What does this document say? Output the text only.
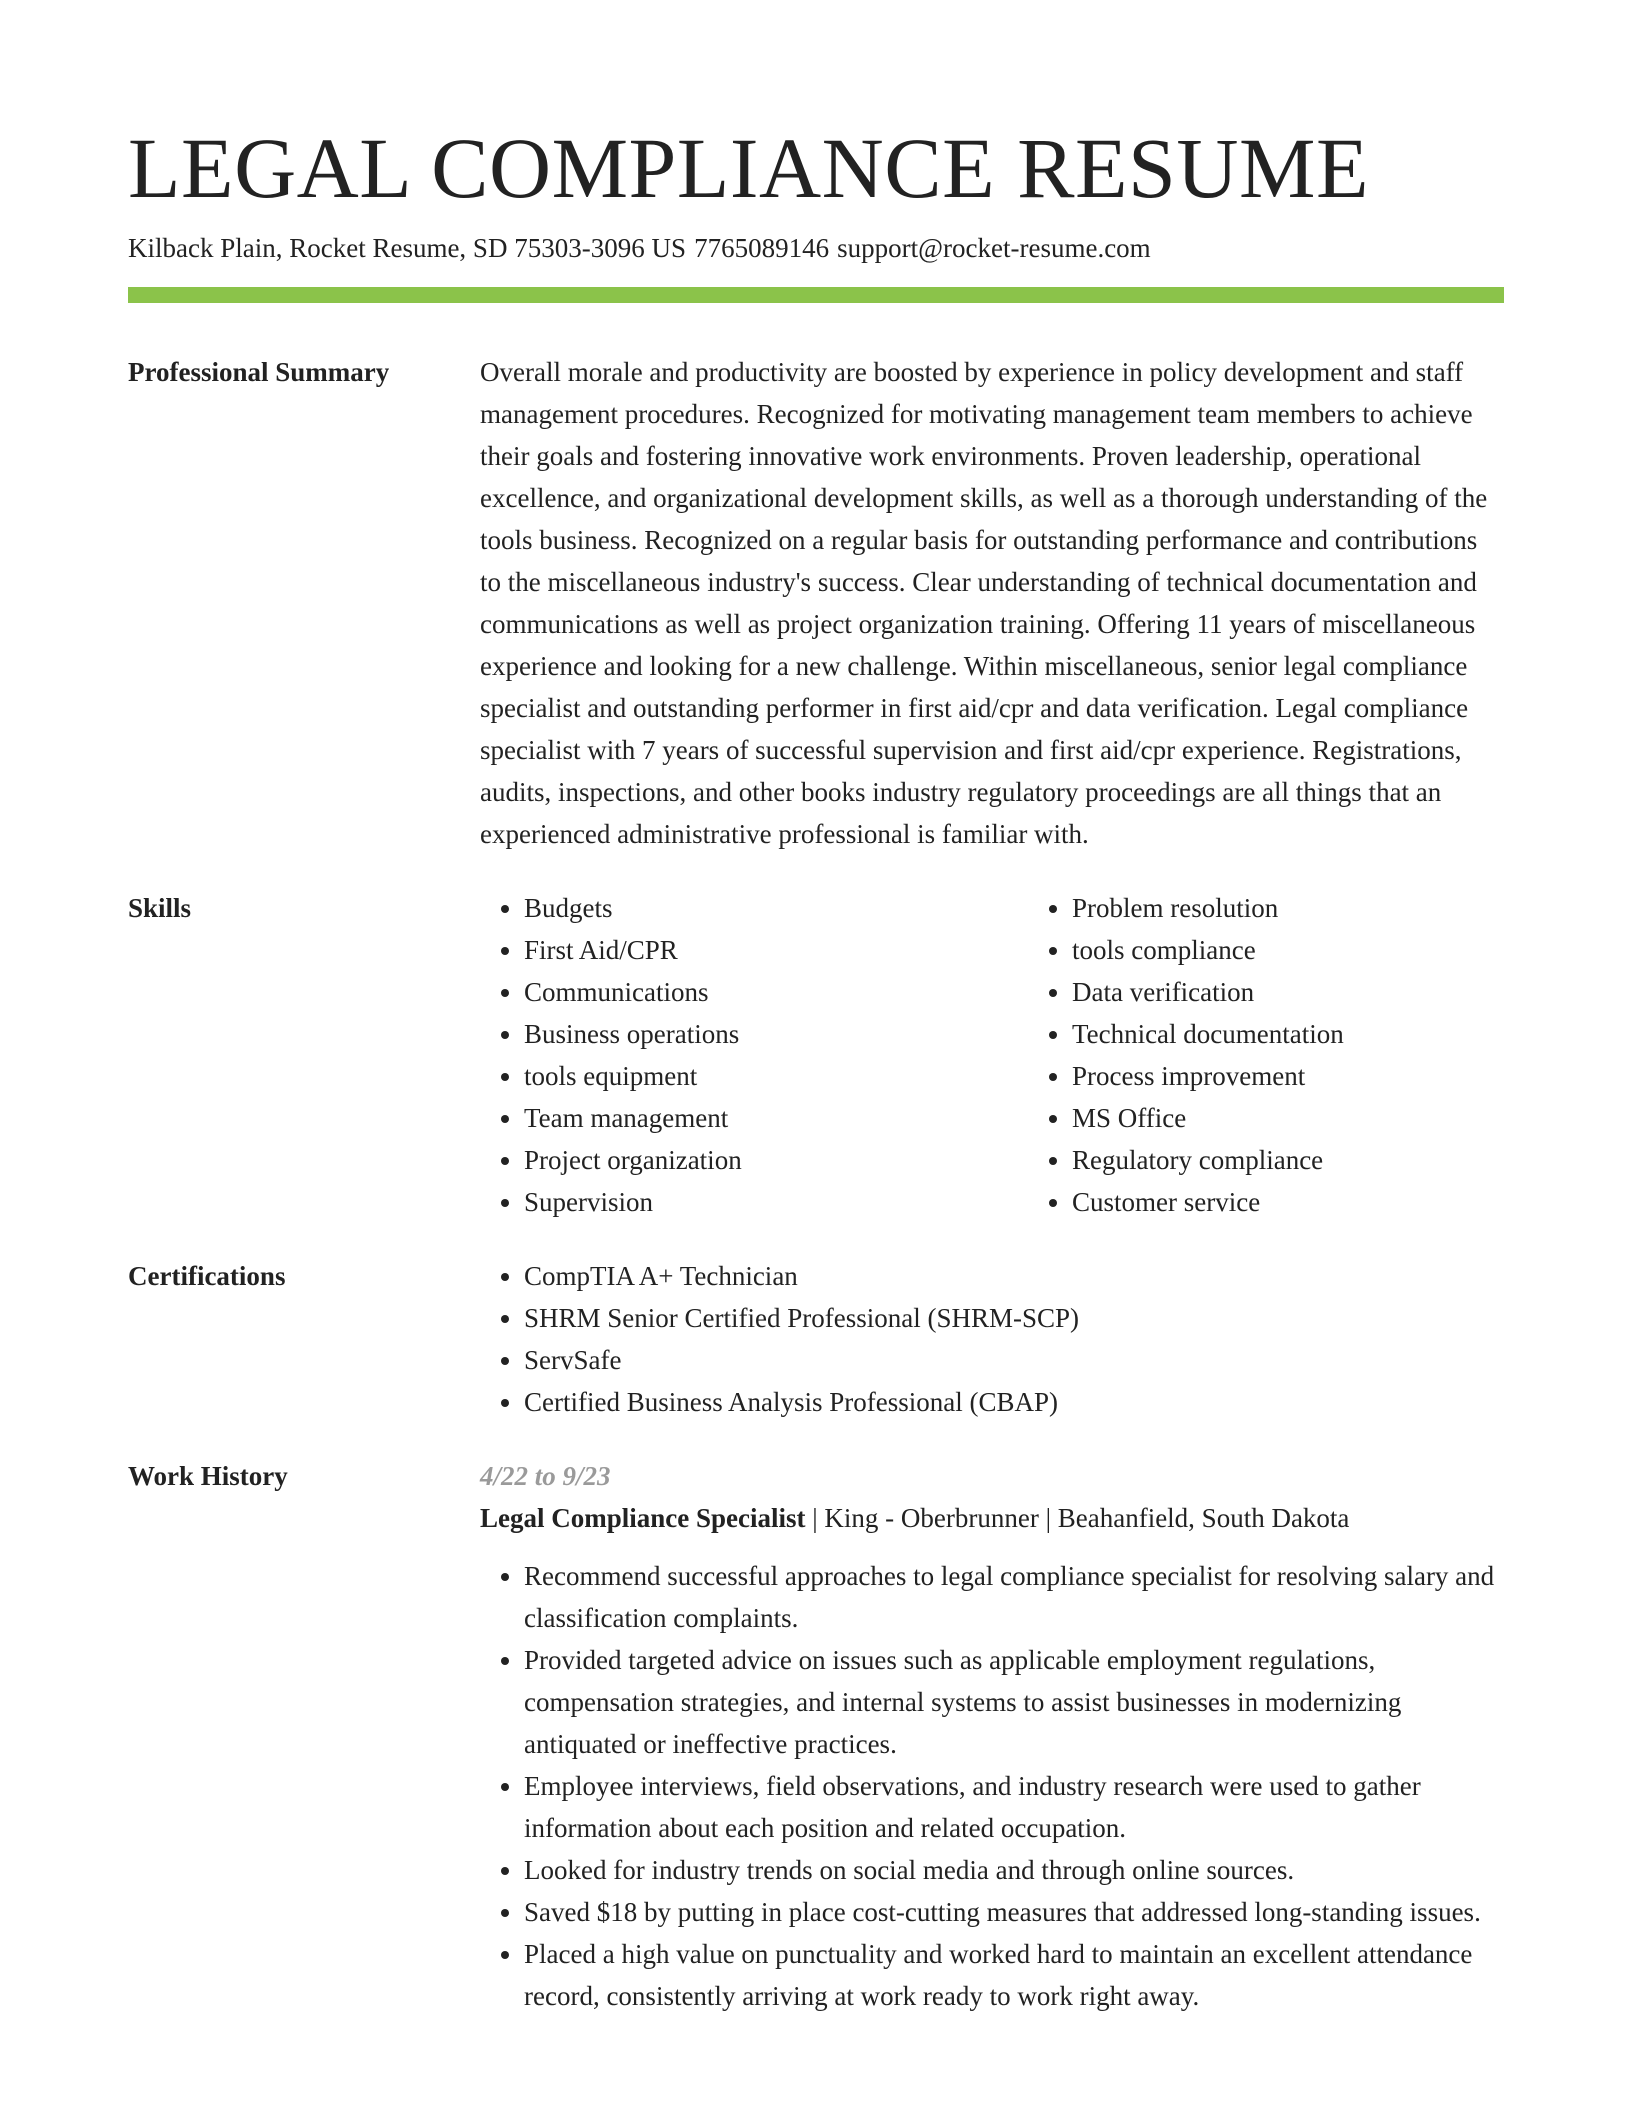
LEGAL COMPLIANCE RESUME
Kilback Plain, Rocket Resume, SD 75303-3096 US 7765089146 support@rocket-resume.com
Professional Summary	Overall morale and productivity are boosted by experience in policy development and staff management procedures. Recognized for motivating management team members to achieve their goals and fostering innovative work environments. Proven leadership, operational excellence, and organizational development skills, as well as a thorough understanding of the tools business. Recognized on a regular basis for outstanding performance and contributions to the miscellaneous industry's success. Clear understanding of technical documentation and communications as well as project organization training. Offering 11 years of miscellaneous experience and looking for a new challenge. Within miscellaneous, senior legal compliance specialist and outstanding performer in first aid/cpr and data verification. Legal compliance specialist with 7 years of successful supervision and first aid/cpr experience. Registrations, audits, inspections, and other books industry regulatory proceedings are all things that an experienced administrative professional is familiar with.
Skills	• Budgets
• First Aid/CPR
• Communications
• Business operations
• tools equipment
• Team management
• Project organization
• Supervision
• Problem resolution
• tools compliance
• Data verification
• Technical documentation
• Process improvement
• MS Office
• Regulatory compliance
• Customer service
Certifications	• CompTIA A+ Technician
• SHRM Senior Certified Professional (SHRM-SCP)
• ServSafe
• Certified Business Analysis Professional (CBAP)
Work History	4/22 to 9/23
Legal Compliance Specialist | King - Oberbrunner | Beahanfield, South Dakota
• Recommend successful approaches to legal compliance specialist for resolving salary and classification complaints.
• Provided targeted advice on issues such as applicable employment regulations, compensation strategies, and internal systems to assist businesses in modernizing antiquated or ineffective practices.
• Employee interviews, field observations, and industry research were used to gather information about each position and related occupation.
• Looked for industry trends on social media and through online sources.
• Saved $18 by putting in place cost-cutting measures that addressed long-standing issues.
• Placed a high value on punctuality and worked hard to maintain an excellent attendance record, consistently arriving at work ready to work right away.
